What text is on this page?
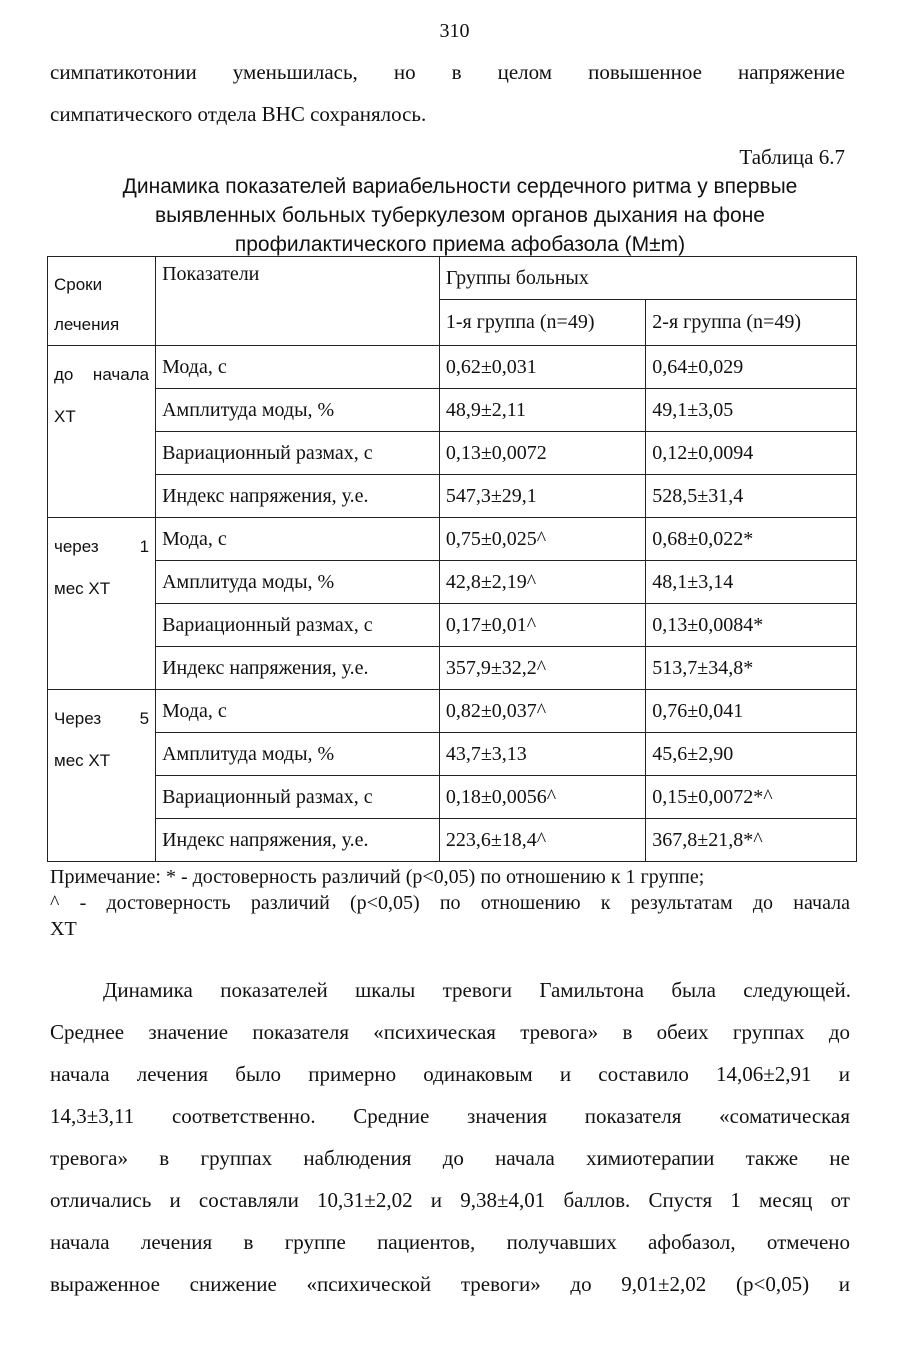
310
симпатикотонии уменьшилась, но в целом повышенное напряжение
симпатического отдела ВНС сохранялось.
Таблица 6.7
Динамика показателей вариабельности сердечного ритма у впервые
выявленных больных туберкулезом органов дыхания на фоне
профилактического приема афобазола (М±m)
Сроки
лечения	Показатели	Группы больных	
		1-я группа (n=49)	2-я группа (n=49)

до начала
ХТ	Мода, с	0,62±0,031	0,64±0,029
	Амплитуда моды, %	48,9±2,11	49,1±3,05
	Вариационный размах, с	0,13±0,0072	0,12±0,0094
	Индекс напряжения, у.е.	547,3±29,1	528,5±31,4

через 1
мес ХТ	Мода, с	0,75±0,025^	0,68±0,022*
	Амплитуда моды, %	42,8±2,19^	48,1±3,14
	Вариационный размах, с	0,17±0,01^	0,13±0,0084*
	Индекс напряжения, у.е.	357,9±32,2^	513,7±34,8*

Через 5
мес ХТ	Мода, с	0,82±0,037^	0,76±0,041
	Амплитуда моды, %	43,7±3,13	45,6±2,90
	Вариационный размах, с	0,18±0,0056^	0,15±0,0072*^
	Индекс напряжения, у.е.	223,6±18,4^	367,8±21,8*^
Примечание: * - достоверность различий (p<0,05) по отношению к 1 группе;
^ - достоверность различий (p<0,05) по отношению к результатам до начала
ХТ
Динамика показателей шкалы тревоги Гамильтона была следующей.
Среднее значение показателя «психическая тревога» в обеих группах до
начала лечения было примерно одинаковым и составило 14,06±2,91 и
14,3±3,11 соответственно. Средние значения показателя «соматическая
тревога» в группах наблюдения до начала химиотерапии также не
отличались и составляли 10,31±2,02 и 9,38±4,01 баллов. Спустя 1 месяц от
начала лечения в группе пациентов, получавших афобазол, отмечено
выраженное снижение «психической тревоги» до 9,01±2,02 (p<0,05) и
